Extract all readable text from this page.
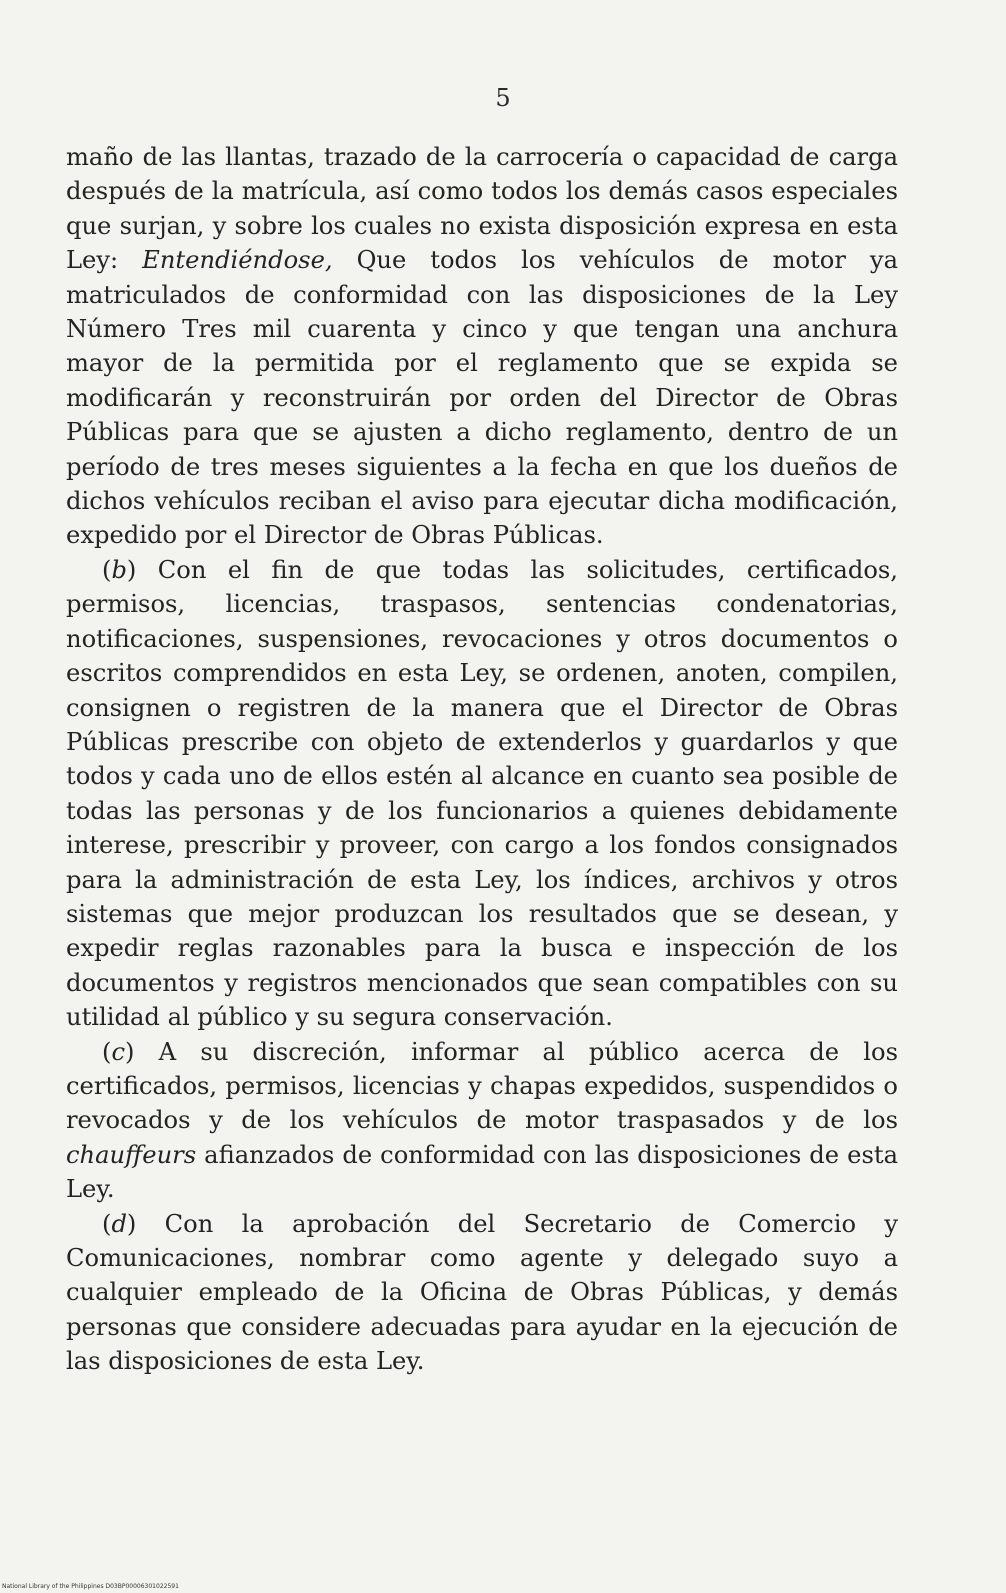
5

maño de las llantas, trazado de la carrocería o capacidad de carga después de la matrícula, así como todos los demás casos especiales que surjan, y sobre los cuales no exista disposición expresa en esta Ley: Entendiéndose, Que todos los vehículos de motor ya matriculados de conformidad con las disposiciones de la Ley Número Tres mil cuarenta y cinco y que tengan una anchura mayor de la permitida por el reglamento que se expida se modificarán y reconstruirán por orden del Director de Obras Públicas para que se ajusten a dicho reglamento, dentro de un período de tres meses siguientes a la fecha en que los dueños de dichos vehículos reciban el aviso para ejecutar dicha modificación, expedido por el Director de Obras Públicas.

(b) Con el fin de que todas las solicitudes, certificados, permisos, licencias, traspasos, sentencias condenatorias, notificaciones, suspensiones, revocaciones y otros documentos o escritos comprendidos en esta Ley, se ordenen, anoten, compilen, consignen o registren de la manera que el Director de Obras Públicas prescribe con objeto de extenderlos y guardarlos y que todos y cada uno de ellos estén al alcance en cuanto sea posible de todas las personas y de los funcionarios a quienes debidamente interese, prescribir y proveer, con cargo a los fondos consignados para la administración de esta Ley, los índices, archivos y otros sistemas que mejor produzcan los resultados que se desean, y expedir reglas razonables para la busca e inspección de los documentos y registros mencionados que sean compatibles con su utilidad al público y su segura conservación.

(c) A su discreción, informar al público acerca de los certificados, permisos, licencias y chapas expedidos, suspendidos o revocados y de los vehículos de motor traspasados y de los chauffeurs afianzados de conformidad con las disposiciones de esta Ley.

(d) Con la aprobación del Secretario de Comercio y Comunicaciones, nombrar como agente y delegado suyo a cualquier empleado de la Oficina de Obras Públicas, y demás personas que considere adecuadas para ayudar en la ejecución de las disposiciones de esta Ley.

National Library of the Philippines D03BP00006301022591
